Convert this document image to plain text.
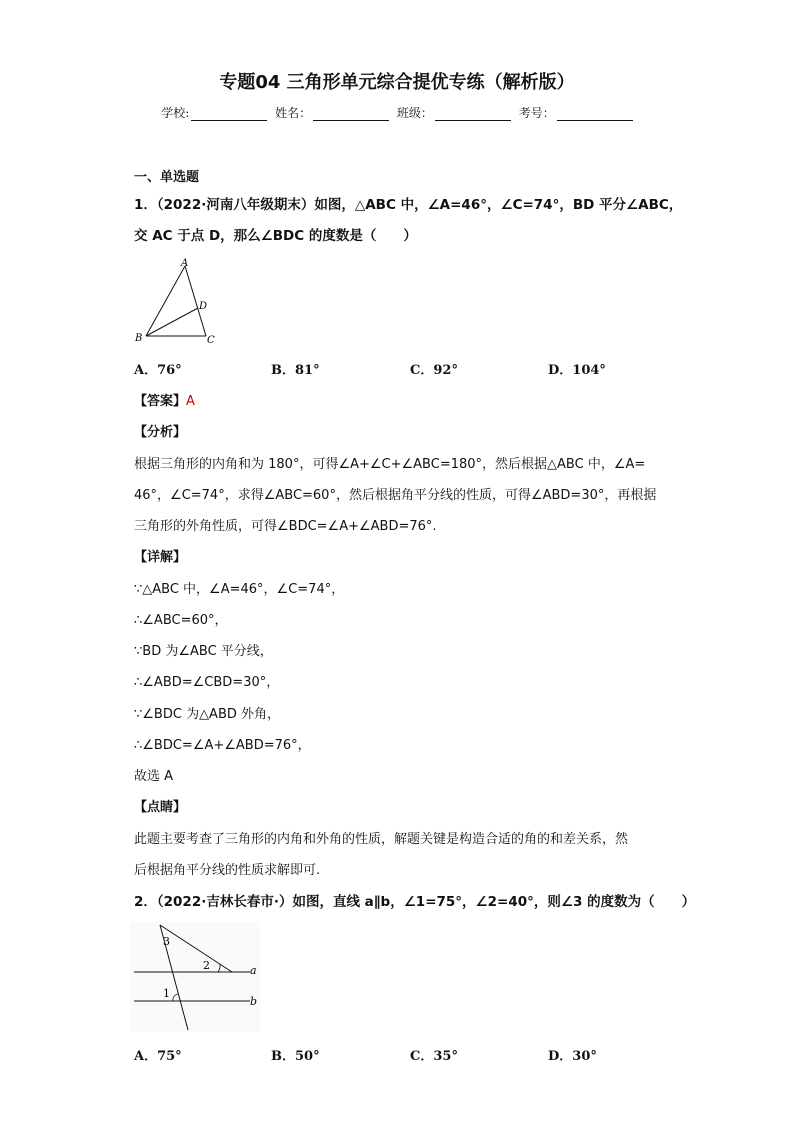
专题04 三角形单元综合提优专练（解析版）
学校:	姓名：	班级：	考号：
一、单选题
1．（2022·河南八年级期末）如图，△ABC 中，∠A=46°，∠C=74°，BD 平分∠ABC，
交 AC 于点 D，那么∠BDC 的度数是（　　）
A
D
B	C
A．76°	B．81°	C．92°	D．104°
【答案】A
【分析】
根据三角形的内角和为 180°，可得∠A+∠C+∠ABC=180°，然后根据△ABC 中，∠A=
46°，∠C=74°，求得∠ABC=60°，然后根据角平分线的性质，可得∠ABD=30°，再根据
三角形的外角性质，可得∠BDC=∠A+∠ABD=76°.
【详解】
∵△ABC 中，∠A=46°，∠C=74°，
∴∠ABC=60°，
∵BD 为∠ABC 平分线，
∴∠ABD=∠CBD=30°，
∵∠BDC 为△ABD 外角，
∴∠BDC=∠A+∠ABD=76°，
故选 A
【点睛】
此题主要考查了三角形的内角和外角的性质，解题关键是构造合适的角的和差关系，然
后根据角平分线的性质求解即可.
2．（2022·吉林长春市·）如图，直线 a∥b，∠1=75°，∠2=40°，则∠3 的度数为（　　）
3
2
1
a
b
A．75°	B．50°	C．35°	D．30°
